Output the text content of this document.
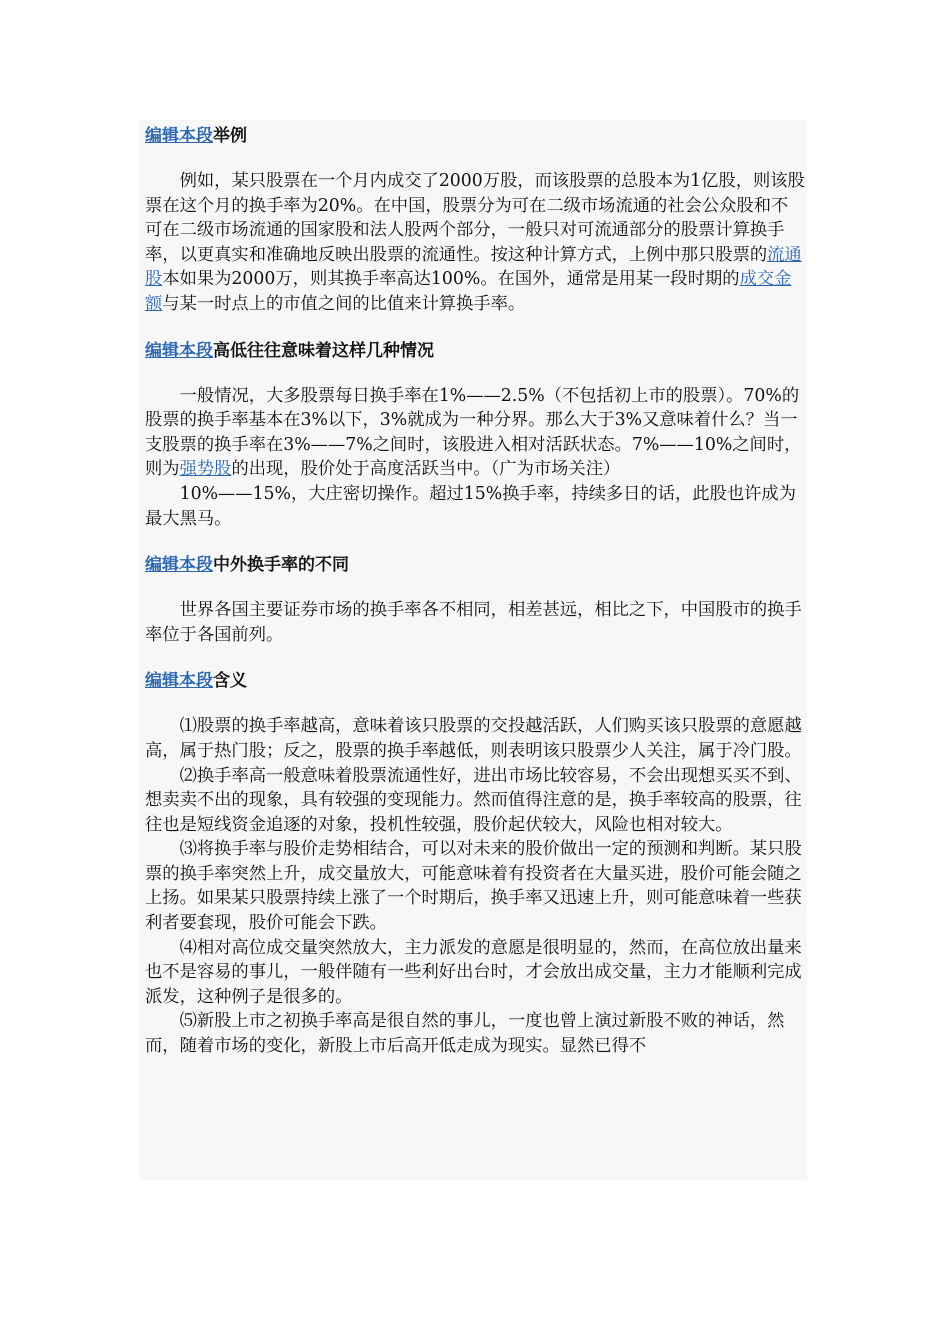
编辑本段举例

例如，某只股票在一个月内成交了2000万股，而该股票的总股本为1亿股，则该股票在这个月的换手率为20%。在中国，股票分为可在二级市场流通的社会公众股和不可在二级市场流通的国家股和法人股两个部分，一般只对可流通部分的股票计算换手率，以更真实和准确地反映出股票的流通性。按这种计算方式，上例中那只股票的流通股本如果为2000万，则其换手率高达100%。在国外，通常是用某一段时期的成交金额与某一时点上的市值之间的比值来计算换手率。

编辑本段高低往往意味着这样几种情况

一般情况，大多股票每日换手率在1%——2.5%（不包括初上市的股票）。70%的股票的换手率基本在3%以下，3%就成为一种分界。那么大于3%又意味着什么？当一支股票的换手率在3%——7%之间时，该股进入相对活跃状态。7%——10%之间时，则为强势股的出现，股价处于高度活跃当中。（广为市场关注）

10%——15%，大庄密切操作。超过15%换手率，持续多日的话，此股也许成为最大黑马。

编辑本段中外换手率的不同

世界各国主要证券市场的换手率各不相同，相差甚远，相比之下，中国股市的换手率位于各国前列。

编辑本段含义

⑴股票的换手率越高，意味着该只股票的交投越活跃，人们购买该只股票的意愿越高，属于热门股；反之，股票的换手率越低，则表明该只股票少人关注，属于冷门股。

⑵换手率高一般意味着股票流通性好，进出市场比较容易，不会出现想买买不到、想卖卖不出的现象，具有较强的变现能力。然而值得注意的是，换手率较高的股票，往往也是短线资金追逐的对象，投机性较强，股价起伏较大，风险也相对较大。

⑶将换手率与股价走势相结合，可以对未来的股价做出一定的预测和判断。某只股票的换手率突然上升，成交量放大，可能意味着有投资者在大量买进，股价可能会随之上扬。如果某只股票持续上涨了一个时期后，换手率又迅速上升，则可能意味着一些获利者要套现，股价可能会下跌。

⑷相对高位成交量突然放大，主力派发的意愿是很明显的，然而，在高位放出量来也不是容易的事儿，一般伴随有一些利好出台时，才会放出成交量，主力才能顺利完成派发，这种例子是很多的。

⑸新股上市之初换手率高是很自然的事儿，一度也曾上演过新股不败的神话，然而，随着市场的变化，新股上市后高开低走成为现实。显然已得不
